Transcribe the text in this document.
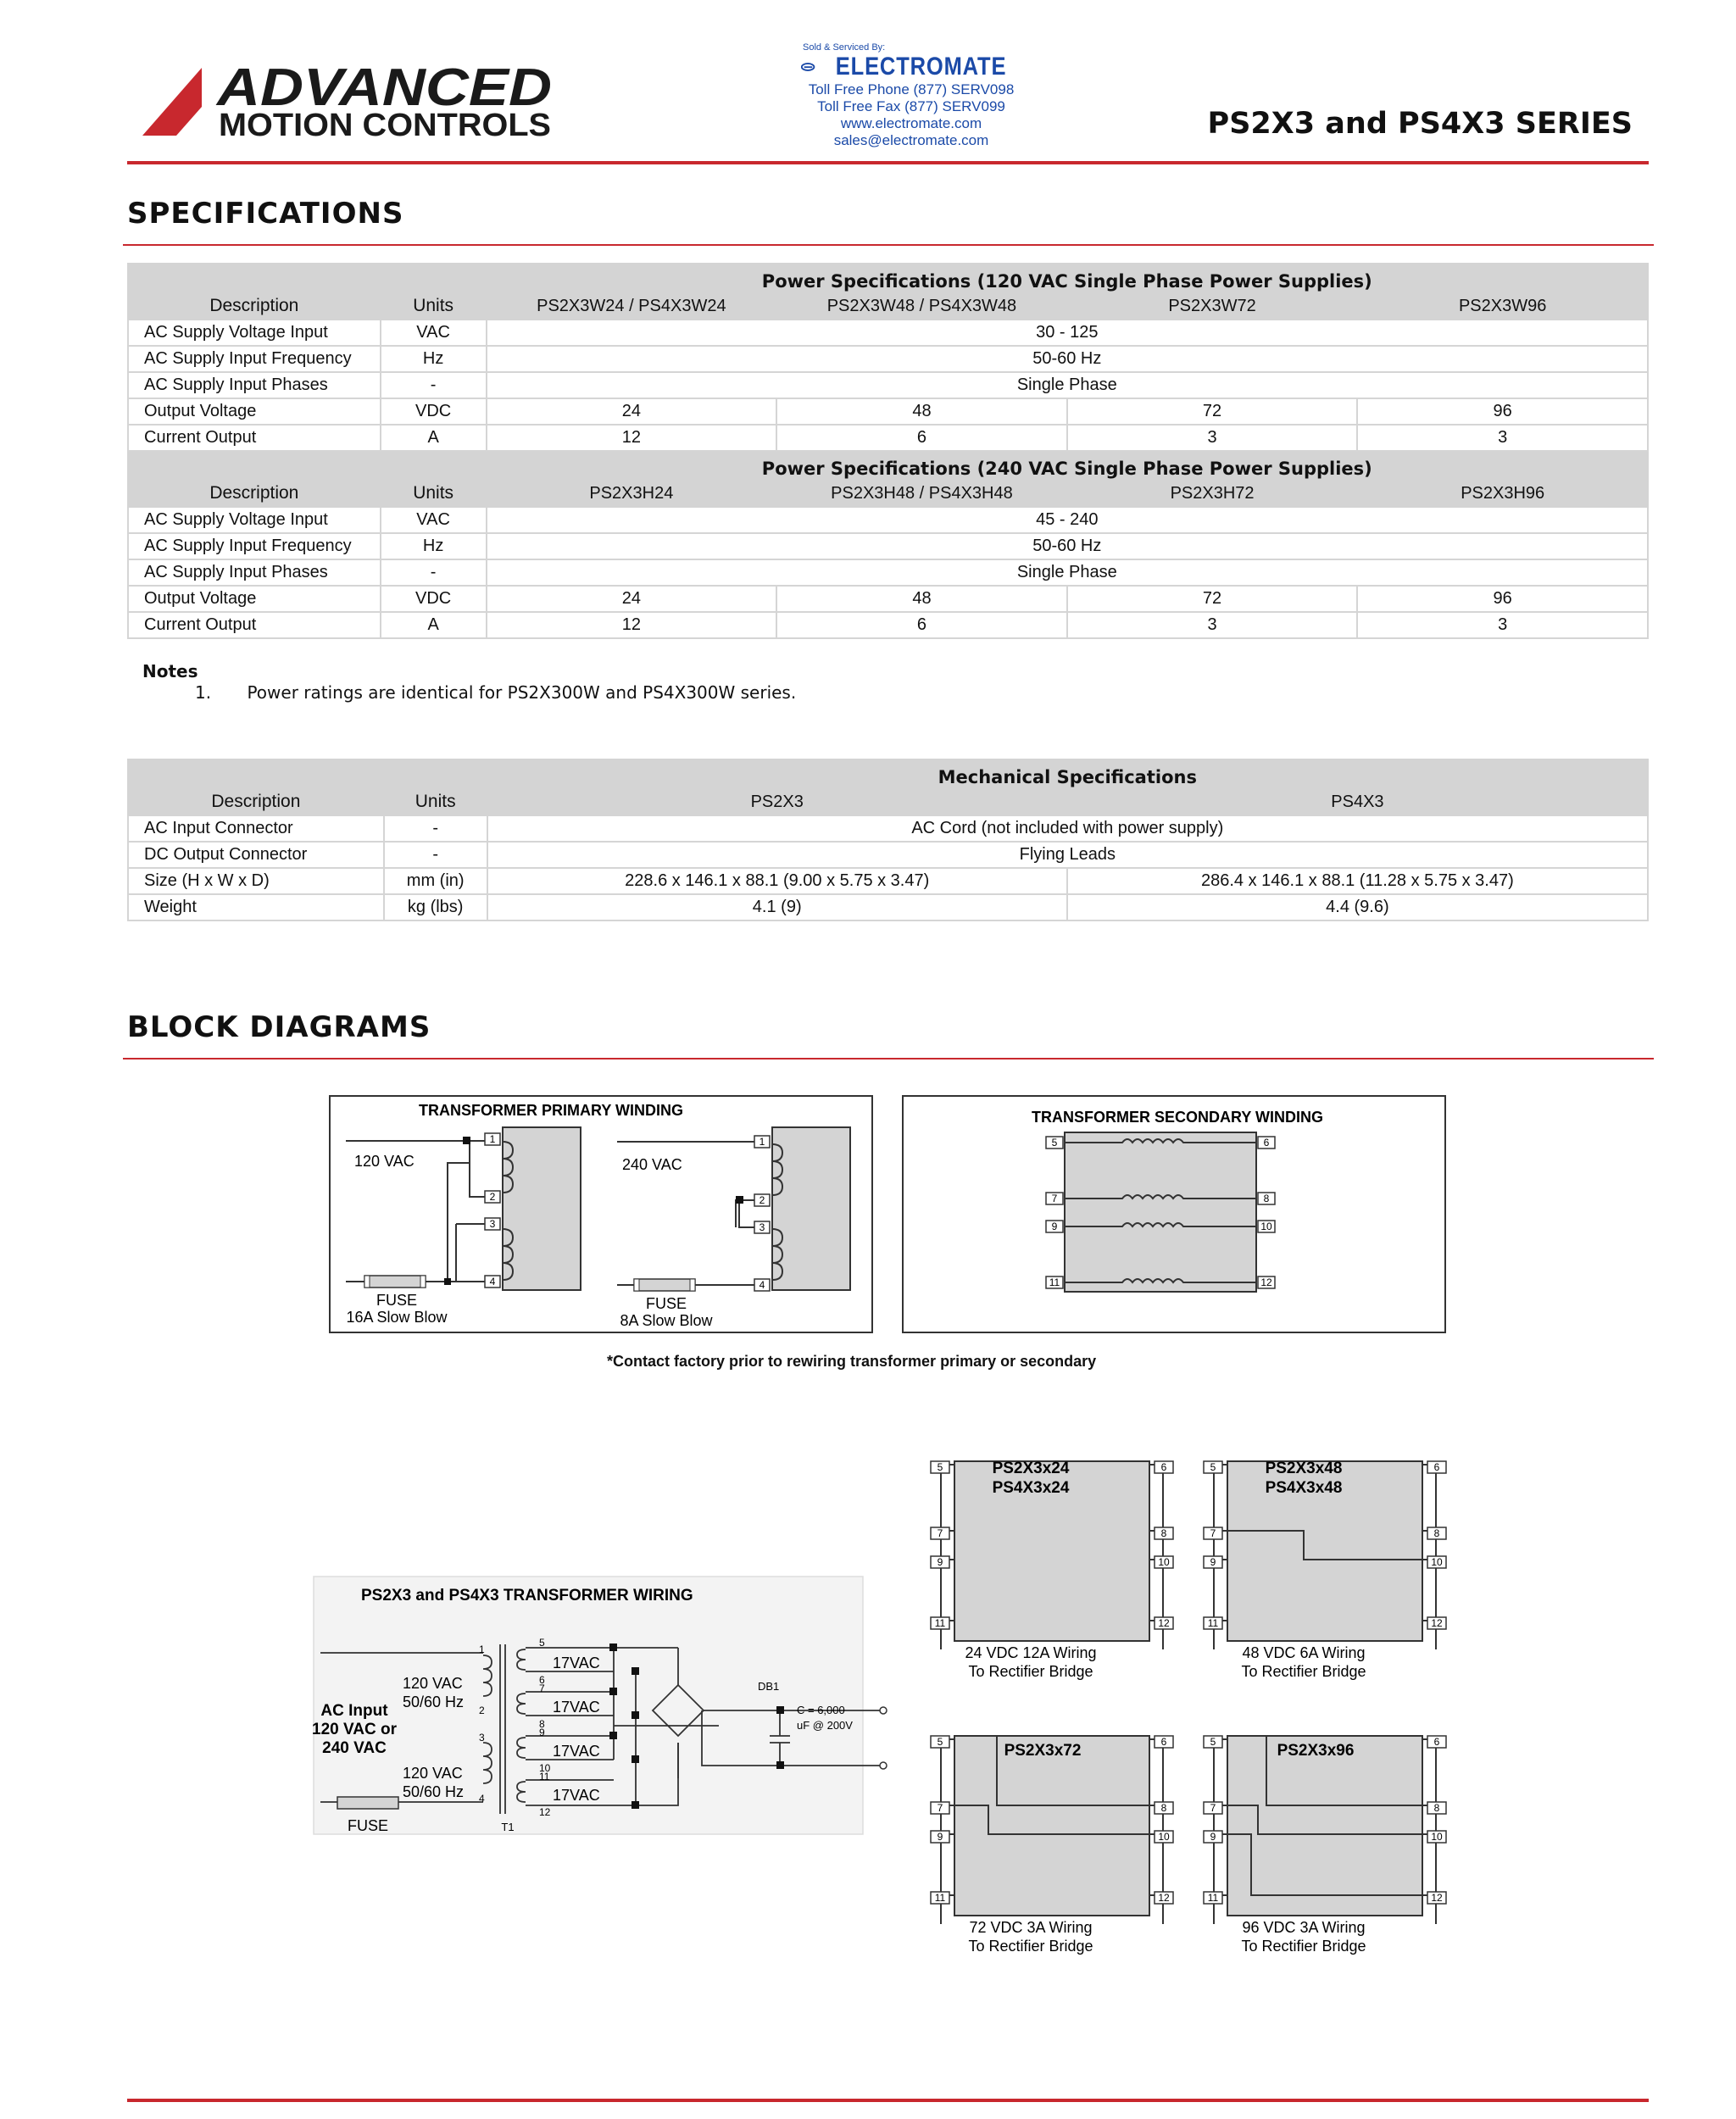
ADVANCED
MOTION CONTROLS
Sold & Serviced By:
ELECTROMATE
Toll Free Phone (877) SERV098
Toll Free Fax (877) SERV099
www.electromate.com
sales@electromate.com	PS2X3 and PS4X3 SERIES
SPECIFICATIONS
		Power Specifications (120 VAC Single Phase Power Supplies)			
Description	Units	PS2X3W24 / PS4X3W24	PS2X3W48 / PS4X3W48	PS2X3W72	PS2X3W96
AC Supply Voltage Input	VAC	30 - 125			
AC Supply Input Frequency	Hz	50-60 Hz			
AC Supply Input Phases	-	Single Phase			
Output Voltage	VDC	24	48	72	96
Current Output	A	12	6	3	3
		Power Specifications (240 VAC Single Phase Power Supplies)			
Description	Units	PS2X3H24	PS2X3H48 / PS4X3H48	PS2X3H72	PS2X3H96
AC Supply Voltage Input	VAC	45 - 240			
AC Supply Input Frequency	Hz	50-60 Hz			
AC Supply Input Phases	-	Single Phase			
Output Voltage	VDC	24	48	72	96
Current Output	A	12	6	3	3
Notes
1. Power ratings are identical for PS2X300W and PS4X300W series.
		Mechanical Specifications	
Description	Units	PS2X3	PS4X3
AC Input Connector	-	AC Cord (not included with power supply)	
DC Output Connector	-	Flying Leads	
Size (H x W x D)	mm (in)	228.6 x 146.1 x 88.1 (9.00 x 5.75 x 3.47)	286.4 x 146.1 x 88.1 (11.28 x 5.75 x 3.47)
Weight	kg (lbs)	4.1 (9)	4.4 (9.6)
BLOCK DIAGRAMS
TRANSFORMER PRIMARY WINDING
1
2
3
4
120 VAC
FUSE
16A Slow Blow
1
2
3
4
240 VAC
FUSE
8A Slow Blow
TRANSFORMER SECONDARY WINDING
5	6
7	8
9	10
11	12
*Contact factory prior to rewiring transformer primary or secondary
PS2X3 and PS4X3 TRANSFORMER WIRING
AC Input
120 VAC or
240 VAC
120 VAC
50/60 Hz
120 VAC
50/60 Hz
1
2
3
4
5
6
7
8
9
10
11
12
17VAC
17VAC
17VAC
17VAC
DB1
C = 6,000
uF @ 200V
FUSE	T1
5
7
9
11
6
8
10
12
PS2X3x24
PS4X3x24
24 VDC 12A Wiring
To Rectifier Bridge
5
7
9
11
6
8
10
12
PS2X3x48
PS4X3x48
48 VDC 6A Wiring
To Rectifier Bridge
5
7
9
11
6
8
10
12
PS2X3x72
72 VDC 3A Wiring
To Rectifier Bridge
5
7
9
11
6
8
10
12
PS2X3x96
96 VDC 3A Wiring
To Rectifier Bridge
